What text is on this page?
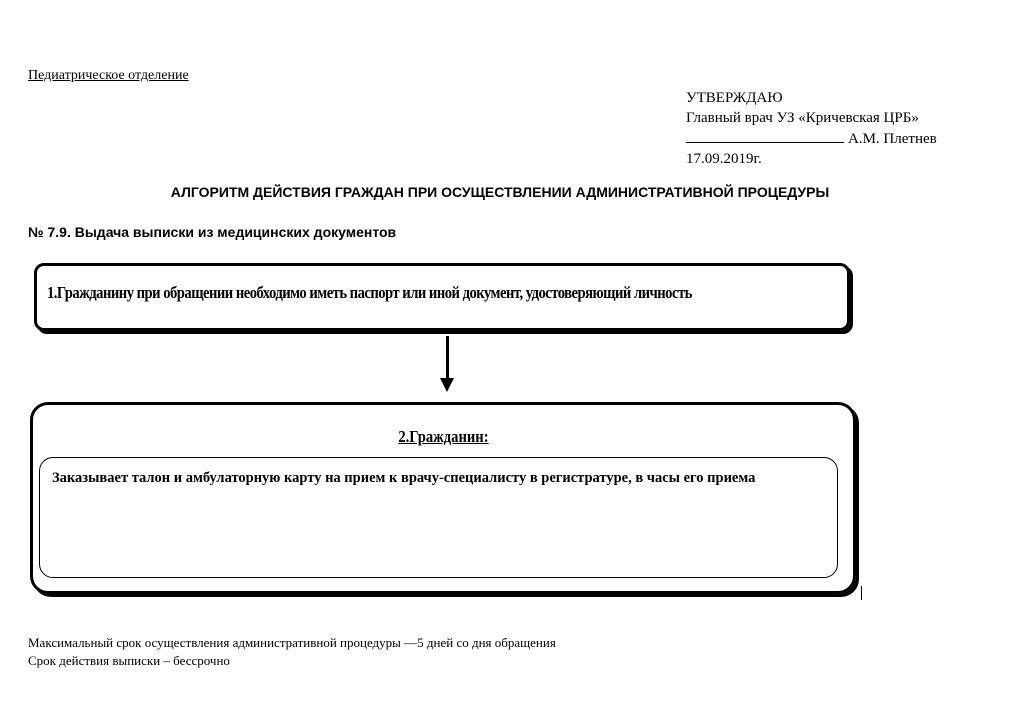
Педиатрическое отделение
УТВЕРЖДАЮ
Главный врач УЗ «Кричевская ЦРБ»
А.М. Плетнев
17.09.2019г.
АЛГОРИТМ ДЕЙСТВИЯ ГРАЖДАН ПРИ ОСУЩЕСТВЛЕНИИ АДМИНИСТРАТИВНОЙ ПРОЦЕДУРЫ
№ 7.9. Выдача выписки из медицинских документов
1.Гражданину при обращении необходимо иметь паспорт или иной документ, удостоверяющий личность
2.Гражданин:
Заказывает талон и амбулаторную карту на прием к врачу-специалисту в регистратуре, в часы его приема
Максимальный срок осуществления административной процедуры —5 дней со дня обращения
Срок действия выписки – бессрочно
